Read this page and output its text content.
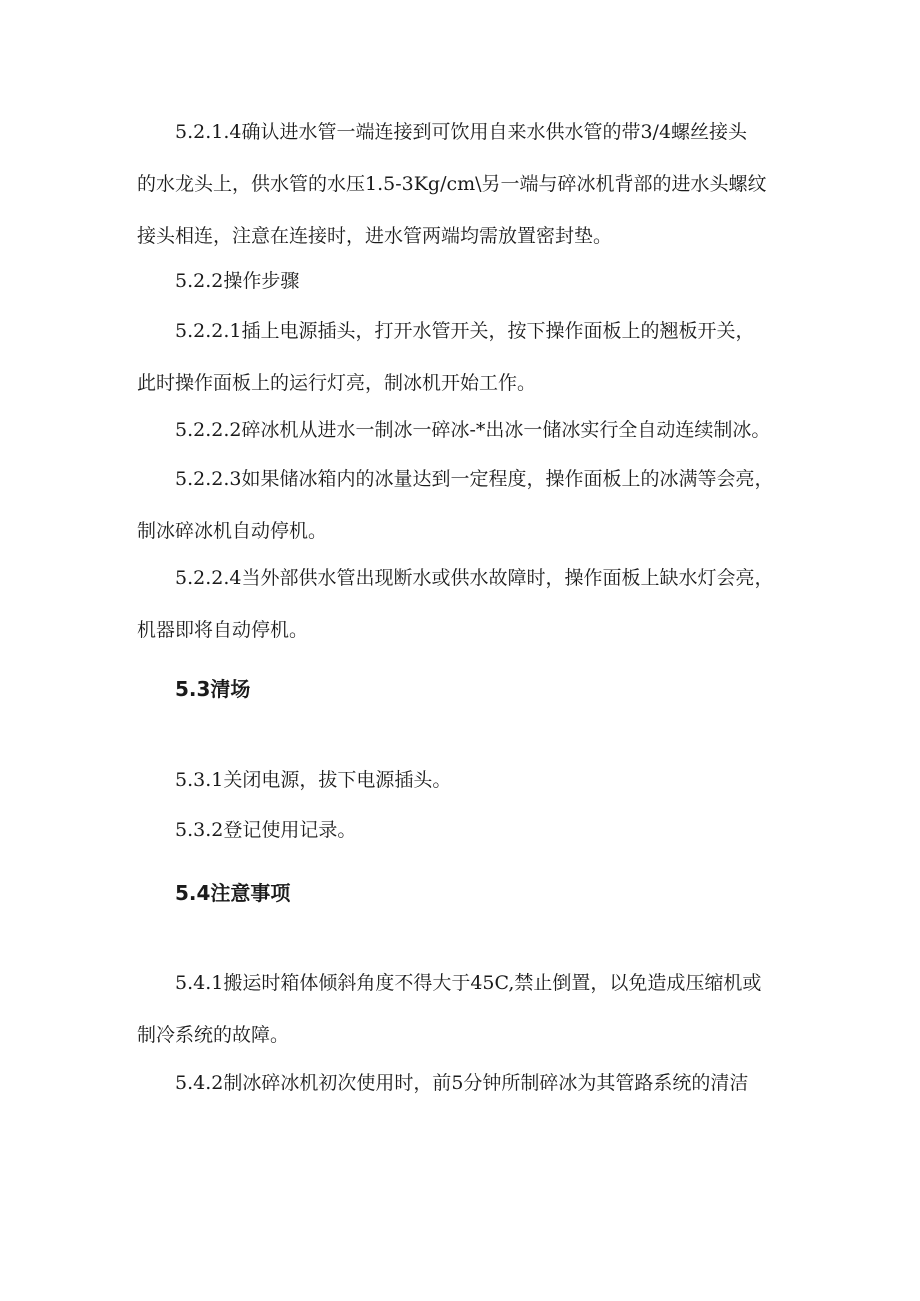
5.2.1.4确认进水管一端连接到可饮用自来水供水管的带3/4螺丝接头
的水龙头上，供水管的水压1.5-3Kg∕cm\另一端与碎冰机背部的进水头螺纹
接头相连，注意在连接时，进水管两端均需放置密封垫。

5.2.2操作步骤

5.2.2.1插上电源插头，打开水管开关，按下操作面板上的翘板开关，
此时操作面板上的运行灯亮，制冰机开始工作。

5.2.2.2碎冰机从进水一制冰一碎冰-*出冰一储冰实行全自动连续制冰。

5.2.2.3如果储冰箱内的冰量达到一定程度，操作面板上的冰满等会亮，
制冰碎冰机自动停机。

5.2.2.4当外部供水管出现断水或供水故障时，操作面板上缺水灯会亮，
机器即将自动停机。

5.3清场

5.3.1关闭电源，拔下电源插头。

5.3.2登记使用记录。

5.4注意事项

5.4.1搬运时箱体倾斜角度不得大于45C,禁止倒置，以免造成压缩机或
制冷系统的故障。

5.4.2制冰碎冰机初次使用时，前5分钟所制碎冰为其管路系统的清洁
